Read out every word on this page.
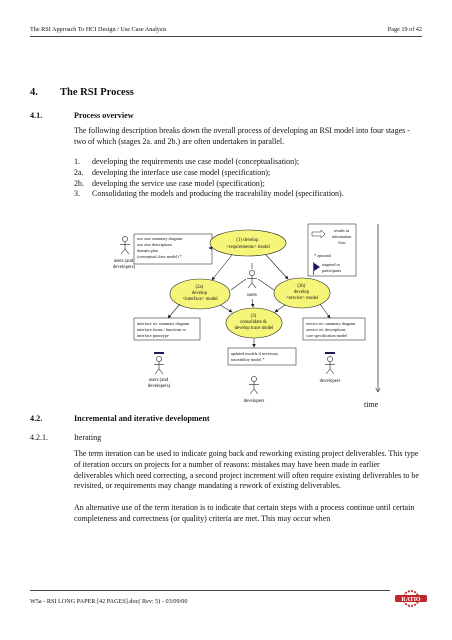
The RSI Approach To HCI Design / Use Case Analysis	Page 19 of 42
4. The RSI Process
4.1.	Process overview

The following description breaks down the overall process of developing an RSI model into four stages - two of which (stages 2a. and 2b.) are often undertaken in parallel.

1.	developing the requirements use case model (conceptualisation);
2a.	developing the interface use case model (specification);
2b.	developing the service use case model (specification);
3.	Consolidating the models and producing the traceability model (specification).
use case summary diagram use case descriptions domain plan (conceptual class model) *
users (and developers)
(1) develop <requirements> model
results in information flow
* optional
targeted or participates
(2a) develop <interface> model
users
(2b) develop <service> model
(3) consolidate & develop trace model
interface u/c summary diagram interface forms / functions or interface prototype
service u/c summary diagram service u/c descriptions, core specification model
users (and developers)
updated models if necessary traceability model *
developers
developers	time
4.2.	Incremental and iterative development
4.2.1.	Iterating

The term iteration can be used to indicate going back and reworking existing project deliverables. This type of iteration occurs on projects for a number of reasons: mistakes may have been made in earlier deliverables which need correcting, a second project increment will often require existing deliverables to be revisited, or requirements may change mandating a rework of existing deliverables.

An alternative use of the term iteration is to indicate that certain steps with a process continue until certain completeness and correctness (or quality) criteria are met. This may occur when

W5a - RSI LONG PAPER [42 PAGES].doc( Rev: 5) - 03/09/00	RATIO
